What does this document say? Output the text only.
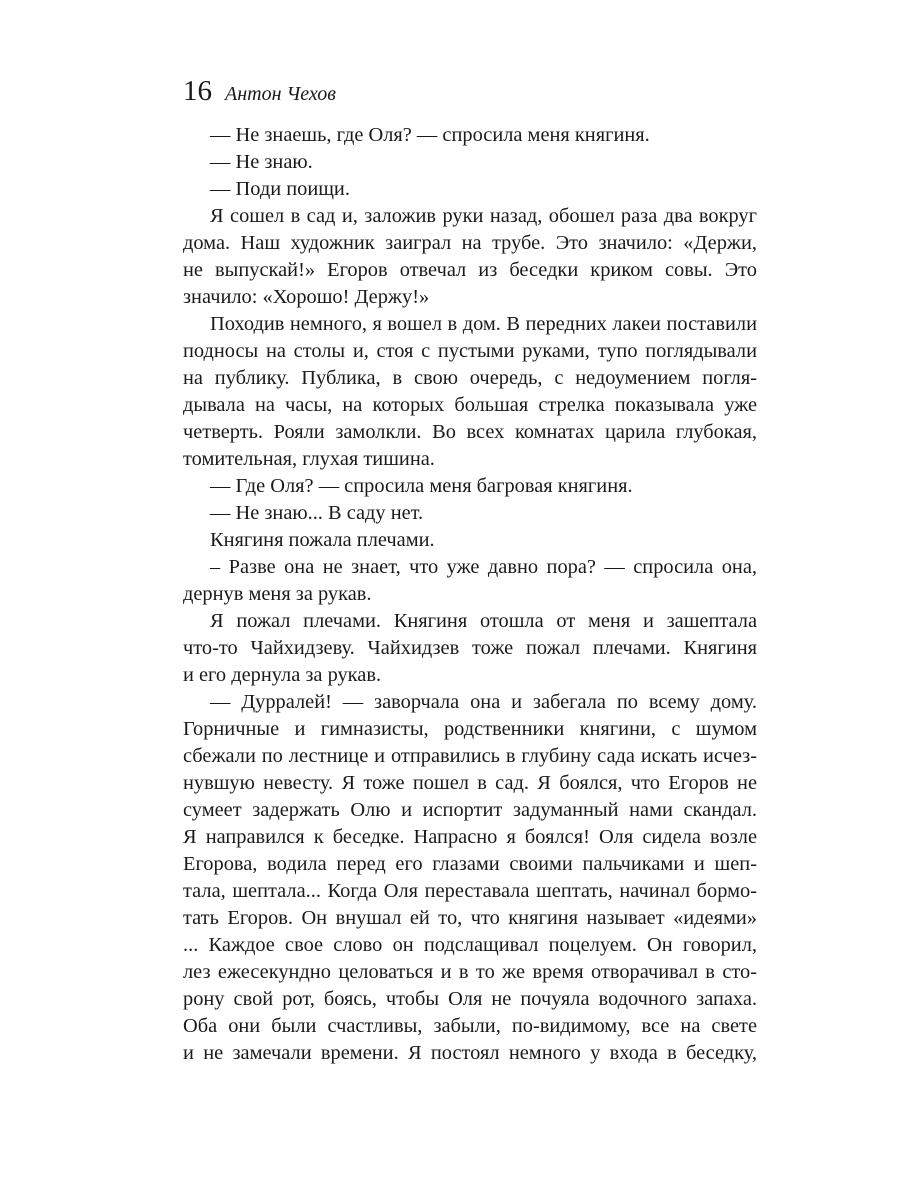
16 Антон Чехов
— Не знаешь, где Оля? — спросила меня княгиня.
— Не знаю.
— Поди поищи.
Я сошел в сад и, заложив руки назад, обошел раза два вокруг
дома. Наш художник заиграл на трубе. Это значило: «Держи,
не выпускай!» Егоров отвечал из беседки криком совы. Это
значило: «Хорошо! Держу!»
Походив немного, я вошел в дом. В передних лакеи поставили
подносы на столы и, стоя с пустыми руками, тупо поглядывали
на публику. Публика, в свою очередь, с недоумением погля-
дывала на часы, на которых большая стрелка показывала уже
четверть. Рояли замолкли. Во всех комнатах царила глубокая,
томительная, глухая тишина.
— Где Оля? — спросила меня багровая княгиня.
— Не знаю... В саду нет.
Княгиня пожала плечами.
– Разве она не знает, что уже давно пора? — спросила она,
дернув меня за рукав.
Я пожал плечами. Княгиня отошла от меня и зашептала
что-то Чайхидзеву. Чайхидзев тоже пожал плечами. Княгиня
и его дернула за рукав.
— Дурралей! — заворчала она и забегала по всему дому.
Горничные и гимназисты, родственники княгини, с шумом
сбежали по лестнице и отправились в глубину сада искать исчез-
нувшую невесту. Я тоже пошел в сад. Я боялся, что Егоров не
сумеет задержать Олю и испортит задуманный нами скандал.
Я направился к беседке. Напрасно я боялся! Оля сидела возле
Егорова, водила перед его глазами своими пальчиками и шеп-
тала, шептала... Когда Оля переставала шептать, начинал бормо-
тать Егоров. Он внушал ей то, что княгиня называет «идеями»
... Каждое свое слово он подслащивал поцелуем. Он говорил,
лез ежесекундно целоваться и в то же время отворачивал в сто-
рону свой рот, боясь, чтобы Оля не почуяла водочного запаха.
Оба они были счастливы, забыли, по-видимому, все на свете
и не замечали времени. Я постоял немного у входа в беседку,
